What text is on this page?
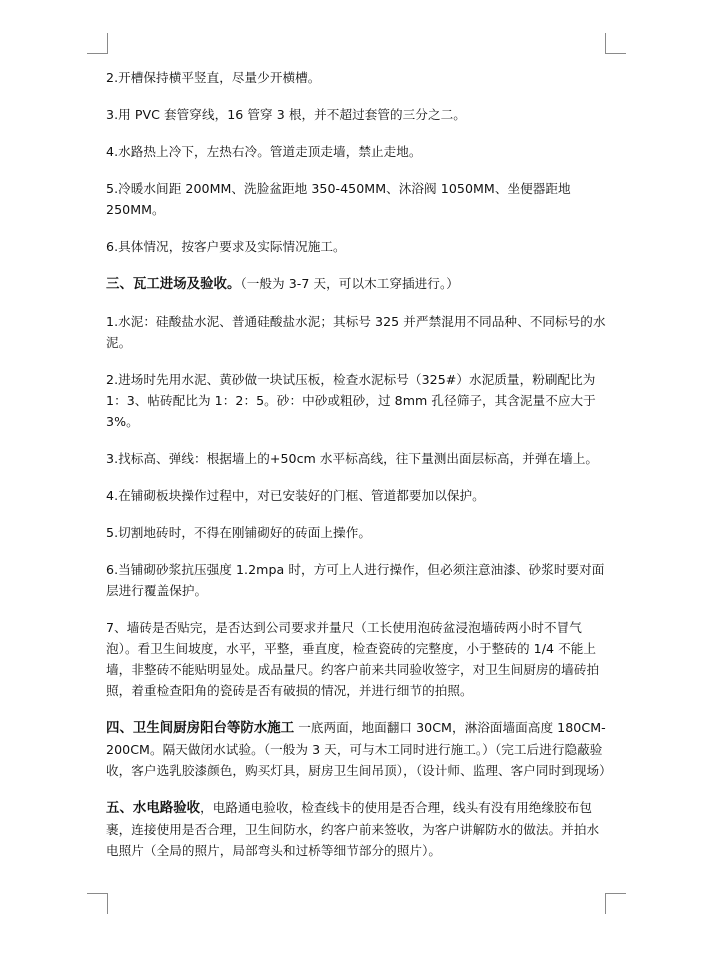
2.开槽保持横平竖直，尽量少开横槽。

3.用 PVC 套管穿线，16 管穿 3 根，并不超过套管的三分之二。

4.水路热上冷下，左热右冷。管道走顶走墙，禁止走地。

5.冷暖水间距 200MM、洗脸盆距地 350-450MM、沐浴阀 1050MM、坐便器距地 250MM。

6.具体情况，按客户要求及实际情况施工。

三、瓦工进场及验收。（一般为 3-7 天，可以木工穿插进行。）

1.水泥：硅酸盐水泥、普通硅酸盐水泥；其标号 325 并严禁混用不同品种、不同标号的水泥。

2.进场时先用水泥、黄砂做一块试压板，检查水泥标号（325#）水泥质量，粉刷配比为 1：3、帖砖配比为 1：2：5。砂：中砂或粗砂，过 8mm 孔径筛子，其含泥量不应大于 3%。

3.找标高、弹线：根据墙上的+50cm 水平标高线，往下量测出面层标高，并弹在墙上。

4.在铺砌板块操作过程中，对已安装好的门框、管道都要加以保护。

5.切割地砖时，不得在刚铺砌好的砖面上操作。

6.当铺砌砂浆抗压强度 1.2mpa 时，方可上人进行操作，但必须注意油漆、砂浆时要对面层进行覆盖保护。

7、墙砖是否贴完，是否达到公司要求并量尺（工长使用泡砖盆浸泡墙砖两小时不冒气泡）。看卫生间坡度，水平，平整，垂直度，检查瓷砖的完整度，小于整砖的 1/4 不能上墙，非整砖不能贴明显处。成品量尺。约客户前来共同验收签字，对卫生间厨房的墙砖拍照，着重检查阳角的瓷砖是否有破损的情况，并进行细节的拍照。

四、卫生间厨房阳台等防水施工 一底两面，地面翻口 30CM，淋浴面墙面高度 180CM-200CM。隔天做闭水试验。（一般为 3 天，可与木工同时进行施工。）（完工后进行隐蔽验收，客户选乳胶漆颜色，购买灯具，厨房卫生间吊顶），（设计师、监理、客户同时到现场）

五、水电路验收，电路通电验收，检查线卡的使用是否合理，线头有没有用绝缘胶布包裹，连接使用是否合理，卫生间防水，约客户前来签收，为客户讲解防水的做法。并拍水电照片（全局的照片，局部弯头和过桥等细节部分的照片）。
